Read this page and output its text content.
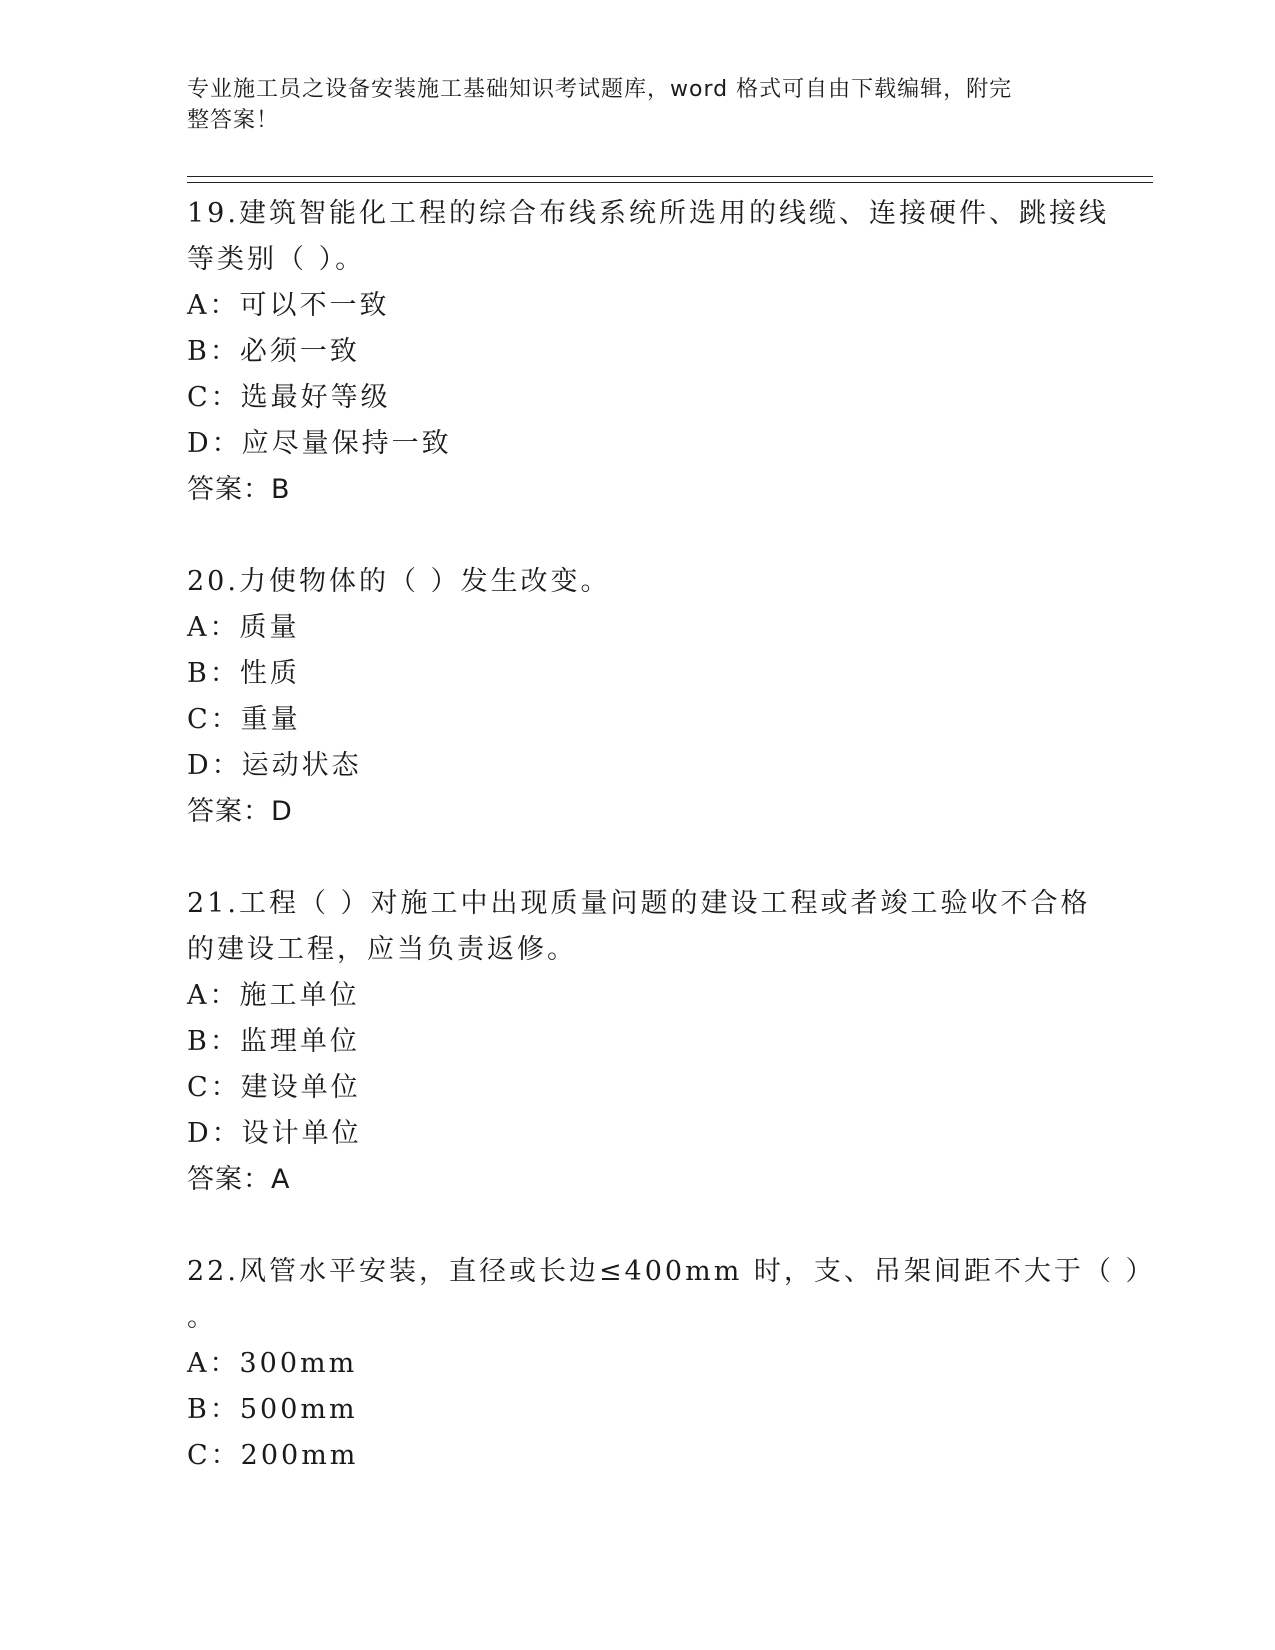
专业施工员之设备安装施工基础知识考试题库，word 格式可自由下载编辑，附完
整答案！
19.建筑智能化工程的综合布线系统所选用的线缆、连接硬件、跳接线
等类别（ ）。
A：可以不一致
B：必须一致
C：选最好等级
D：应尽量保持一致
答案：B
20.力使物体的（ ）发生改变。
A：质量
B：性质
C：重量
D：运动状态
答案：D
21.工程（ ）对施工中出现质量问题的建设工程或者竣工验收不合格
的建设工程，应当负责返修。
A：施工单位
B：监理单位
C：建设单位
D：设计单位
答案：A
22.风管水平安装，直径或长边≤400mm 时，支、吊架间距不大于（ ）
。
A：300mm
B：500mm
C：200mm
